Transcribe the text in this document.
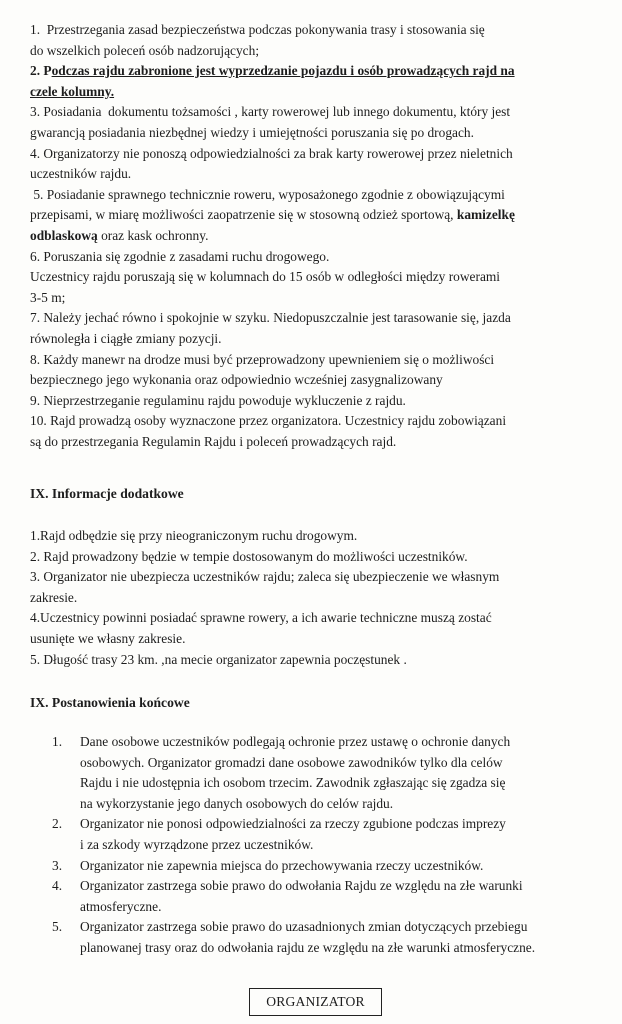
1.  Przestrzegania zasad bezpieczeństwa podczas pokonywania trasy i stosowania się
do wszelkich poleceń osób nadzorujących;

2. Podczas rajdu zabronione jest wyprzedzanie pojazdu i osób prowadzących rajd na
czele kolumny.

3. Posiadania  dokumentu tożsamości , karty rowerowej lub innego dokumentu, który jest
gwarancją posiadania niezbędnej wiedzy i umiejętności poruszania się po drogach.

4. Organizatorzy nie ponoszą odpowiedzialności za brak karty rowerowej przez nieletnich
uczestników rajdu.

5. Posiadanie sprawnego technicznie roweru, wyposażonego zgodnie z obowiązującymi
przepisami, w miarę możliwości zaopatrzenie się w stosowną odzież sportową, kamizelkę
odblaskową oraz kask ochronny.

6. Poruszania się zgodnie z zasadami ruchu drogowego.
Uczestnicy rajdu poruszają się w kolumnach do 15 osób w odległości między rowerami
3-5 m;

7. Należy jechać równo i spokojnie w szyku. Niedopuszczalnie jest tarasowanie się, jazda
równoległa i ciągłe zmiany pozycji.

8. Każdy manewr na drodze musi być przeprowadzony upewnieniem się o możliwości
bezpiecznego jego wykonania oraz odpowiednio wcześniej zasygnalizowany

9. Nieprzestrzeganie regulaminu rajdu powoduje wykluczenie z rajdu.

10. Rajd prowadzą osoby wyznaczone przez organizatora. Uczestnicy rajdu zobowiązani
są do przestrzegania Regulamin Rajdu i poleceń prowadzących rajd.

IX. Informacje dodatkowe

1.Rajd odbędzie się przy nieograniczonym ruchu drogowym.

2. Rajd prowadzony będzie w tempie dostosowanym do możliwości uczestników.

3. Organizator nie ubezpiecza uczestników rajdu; zaleca się ubezpieczenie we własnym
zakresie.

4.Uczestnicy powinni posiadać sprawne rowery, a ich awarie techniczne muszą zostać
usunięte we własny zakresie.

5. Długość trasy 23 km. ,na mecie organizator zapewnia poczęstunek .

IX. Postanowienia końcowe
1. Dane osobowe uczestników podlegają ochronie przez ustawę o ochronie danych
osobowych. Organizator gromadzi dane osobowe zawodników tylko dla celów
Rajdu i nie udostępnia ich osobom trzecim. Zawodnik zgłaszając się zgadza się
na wykorzystanie jego danych osobowych do celów rajdu.
2. Organizator nie ponosi odpowiedzialności za rzeczy zgubione podczas imprezy
i za szkody wyrządzone przez uczestników.
3. Organizator nie zapewnia miejsca do przechowywania rzeczy uczestników.
4. Organizator zastrzega sobie prawo do odwołania Rajdu ze względu na złe warunki
atmosferyczne.
5. Organizator zastrzega sobie prawo do uzasadnionych zmian dotyczących przebiegu
planowanej trasy oraz do odwołania rajdu ze względu na złe warunki atmosferyczne.
ORGANIZATOR
